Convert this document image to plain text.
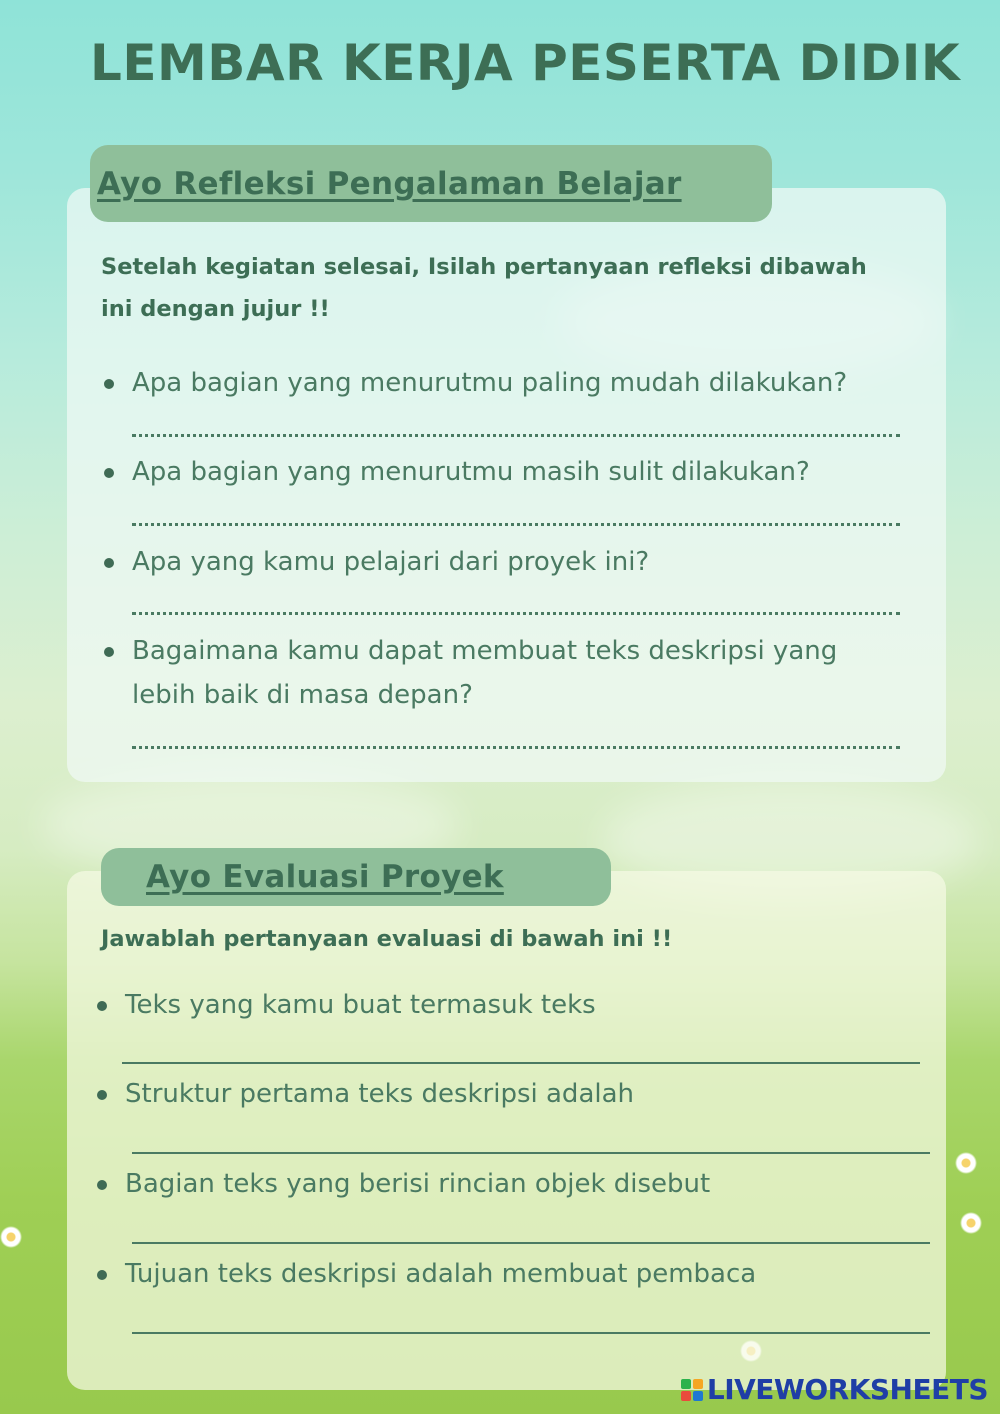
LEMBAR KERJA PESERTA DIDIK
Ayo Refleksi Pengalaman Belajar

Setelah kegiatan selesai, Isilah pertanyaan refleksi dibawah ini dengan jujur !!

Apa bagian yang menurutmu paling mudah dilakukan?
Apa bagian yang menurutmu masih sulit dilakukan?
Apa yang kamu pelajari dari proyek ini?
Bagaimana kamu dapat membuat teks deskripsi yang lebih baik di masa depan?
Ayo Evaluasi Proyek

Jawablah pertanyaan evaluasi di bawah ini !!

Teks yang kamu buat termasuk teks
Struktur pertama teks deskripsi adalah
Bagian teks yang berisi rincian objek disebut
Tujuan teks deskripsi adalah membuat pembaca
LIVEWORKSHEETS
